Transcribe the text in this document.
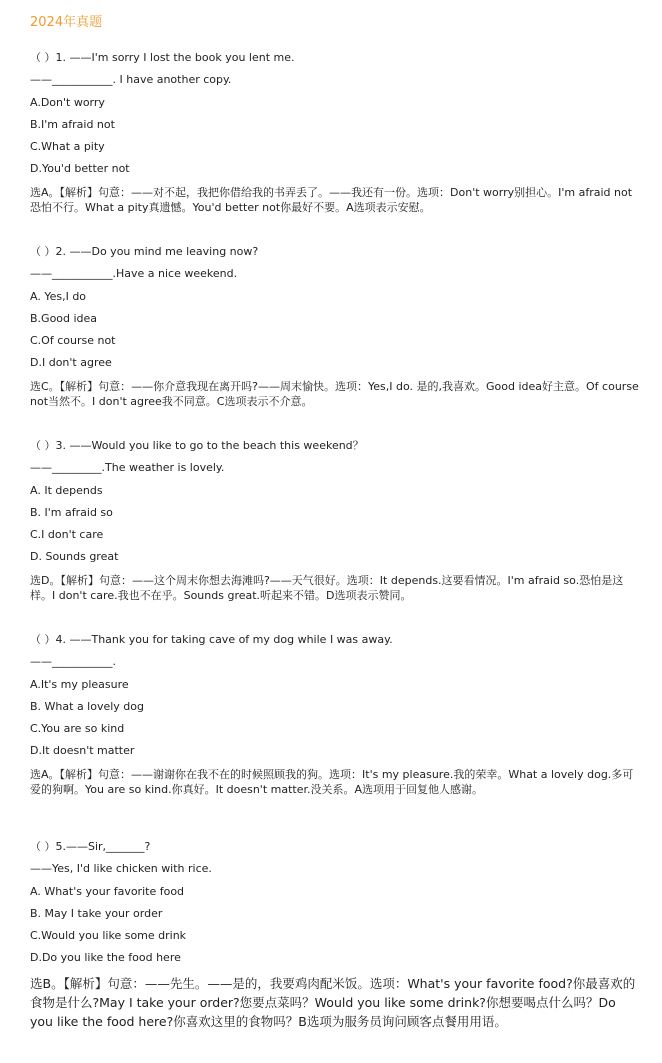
2024年真题
（ ）1. ——I'm sorry I lost the book you lent me.
——___________. I have another copy.
A.Don't worry
B.I'm afraid not
C.What a pity
D.You'd better not
选A。【解析】句意：——对不起，我把你借给我的书弄丢了。——我还有一份。选项：Don't worry别担心。I'm afraid not恐怕不行。What a pity真遗憾。You'd better not你最好不要。A选项表示安慰。
（ ）2. ——Do you mind me leaving now?
——___________.Have a nice weekend.
A. Yes,I do
B.Good idea
C.Of course not
D.I don't agree
选C。【解析】句意：——你介意我现在离开吗?——周末愉快。选项：Yes,I do. 是的,我喜欢。Good idea好主意。Of course not当然不。I don't agree我不同意。C选项表示不介意。
（ ）3. ——Would you like to go to the beach this weekend？
——_________.The weather is lovely.
A. It depends
B. I'm afraid so
C.I don't care
D. Sounds great
选D。【解析】句意：——这个周末你想去海滩吗?——天气很好。选项：It depends.这要看情况。I'm afraid so.恐怕是这样。I don't care.我也不在乎。Sounds great.听起来不错。D选项表示赞同。
（ ）4. ——Thank you for taking cave of my dog while I was away.
——___________.
A.It's my pleasure
B. What a lovely dog
C.You are so kind
D.It doesn't matter
选A。【解析】句意：——谢谢你在我不在的时候照顾我的狗。选项：It's my pleasure.我的荣幸。What a lovely dog.多可爱的狗啊。You are so kind.你真好。It doesn't matter.没关系。A选项用于回复他人感谢。
（ ）5.——Sir,_______?
——Yes, I'd like chicken with rice.
A. What's your favorite food
B. May I take your order
C.Would you like some drink
D.Do you like the food here
选B。【解析】句意：——先生。——是的，我要鸡肉配米饭。选项：What's your favorite food?你最喜欢的食物是什么?May I take your order?您要点菜吗？Would you like some drink?你想要喝点什么吗？Do you like the food here?你喜欢这里的食物吗？B选项为服务员询问顾客点餐用用语。
